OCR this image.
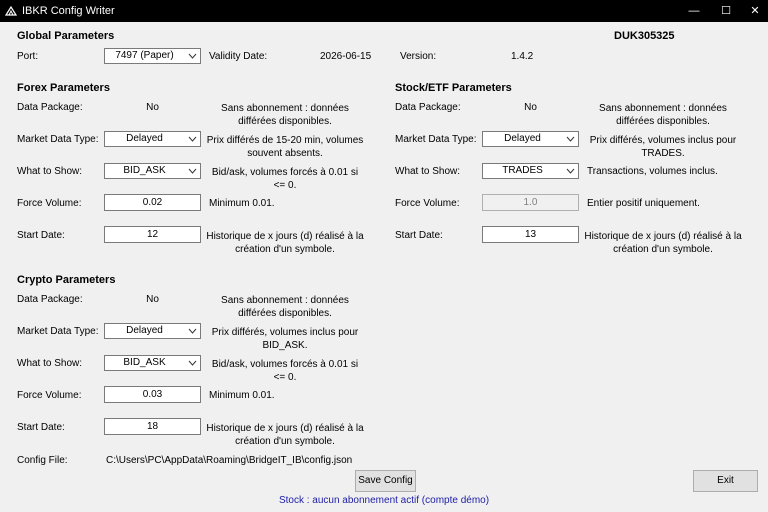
IBKR Config Writer	—	☐	✕
Global Parameters	DUK305325
Port:	7497 (Paper)	Validity Date:	2026-06-15	Version:	1.4.2
Forex Parameters
Data Package:	No	Sans abonnement : données différées disponibles.
Market Data Type:	Delayed	Prix différés de 15-20 min, volumes souvent absents.
What to Show:	BID_ASK	Bid/ask, volumes forcés à 0.01 si <= 0.
Force Volume:	0.02	Minimum 0.01.
Start Date:	12	Historique de x jours (d) réalisé à la création d'un symbole.
Stock/ETF Parameters
Data Package:	No	Sans abonnement : données différées disponibles.
Market Data Type:	Delayed	Prix différés, volumes inclus pour TRADES.
What to Show:	TRADES	Transactions, volumes inclus.
Force Volume:	1.0	Entier positif uniquement.
Start Date:	13	Historique de x jours (d) réalisé à la création d'un symbole.
Crypto Parameters
Data Package:	No	Sans abonnement : données différées disponibles.
Market Data Type:	Delayed	Prix différés, volumes inclus pour BID_ASK.
What to Show:	BID_ASK	Bid/ask, volumes forcés à 0.01 si <= 0.
Force Volume:	0.03	Minimum 0.01.
Start Date:	18	Historique de x jours (d) réalisé à la création d'un symbole.
Config File:	C:\Users\PC\AppData\Roaming\BridgeIT_IB\config.json
Save Config	Exit
Stock : aucun abonnement actif (compte démo)
